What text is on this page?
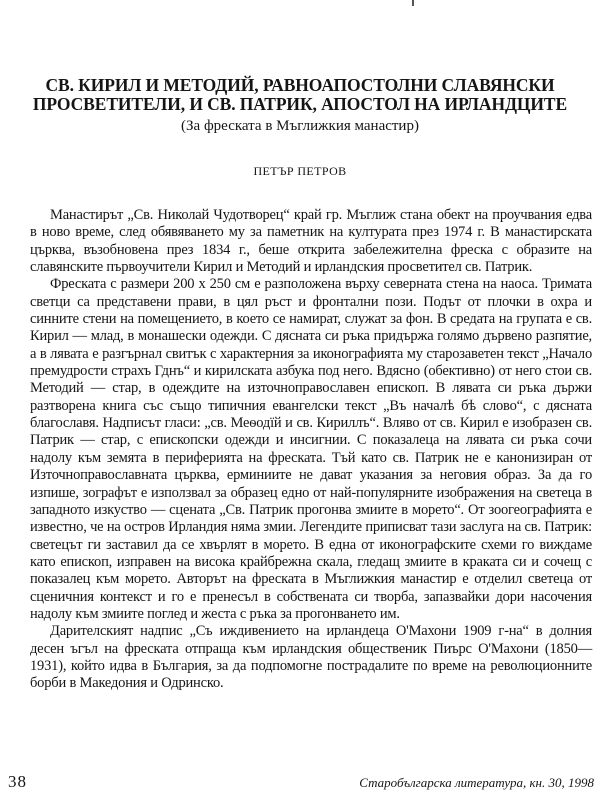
СВ. КИРИЛ И МЕТОДИЙ, РАВНОАПОСТОЛНИ СЛАВЯНСКИ ПРОСВЕТИТЕЛИ, И СВ. ПАТРИК, АПОСТОЛ НА ИРЛАНДЦИТЕ

(За фреската в Мъглижкия манастир)

ПЕТЪР ПЕТРОВ

Манастирът „Св. Николай Чудотворец“ край гр. Мъглиж стана обект на проучвания едва в ново време, след обявяването му за паметник на културата през 1974 г. В манастирската църква, възобновена през 1834 г., беше открита забележителна фреска с образите на славянските първоучители Кирил и Методий и ирландския просветител св. Патрик.

Фреската с размери 200 х 250 см е разположена върху северната стена на наоса. Тримата светци са представени прави, в цял ръст и фронтални пози. Подът от плочки в охра и синните стени на помещението, в което се намират, служат за фон. В средата на групата е св. Кирил — млад, в монашески одежди. С дясната си ръка придържа голямо дървено разпятие, а в лявата е разгърнал свитък с характерния за иконографията му старозаветен текст „Начало премудрости страхъ Гднъ“ и кирилската азбука под него. Вдясно (обективно) от него стои св. Методий — стар, в одеждите на източноправославен епископ. В лявата си ръка държи разтворена книга със също типичния евангелски текст „Въ началѣ бѣ слово“, с дясната благославя. Надписът гласи: „св. Меѳодїй и св. Кириллъ“. Вляво от св. Кирил е изобразен св. Патрик — стар, с епископски одежди и инсигнии. С показалеца на лявата си ръка сочи надолу към земята в периферията на фреската. Тъй като св. Патрик не е канонизиран от Източноправославната църква, ерминиите не дават указания за неговия образ. За да го изпише, зографът е използвал за образец едно от най-популярните изображения на светеца в западното изкуство — сцената „Св. Патрик прогонва змиите в морето“. От зоогеографията е известно, че на остров Ирландия няма змии. Легендите приписват тази заслуга на св. Патрик: светецът ги заставил да се хвърлят в морето. В една от иконографските схеми го виждаме като епископ, изправен на висока крайбрежна скала, гледащ змиите в краката си и сочещ с показалец към морето. Авторът на фреската в Мъглижкия манастир е отделил светеца от сценичния контекст и го е пренесъл в собствената си творба, запазвайки дори насочения надолу към змиите поглед и жеста с ръка за прогонването им.

Дарителският надпис „Съ иждивението на ирландеца О'Махони 1909 г-на“ в долния десен ъгъл на фреската отпраща към ирландския общественик Пиърс О'Махони (1850—1931), който идва в България, за да подпомогне пострадалите по време на революционните борби в Македония и Одринско.

38	Старобългарска литература, кн. 30, 1998
